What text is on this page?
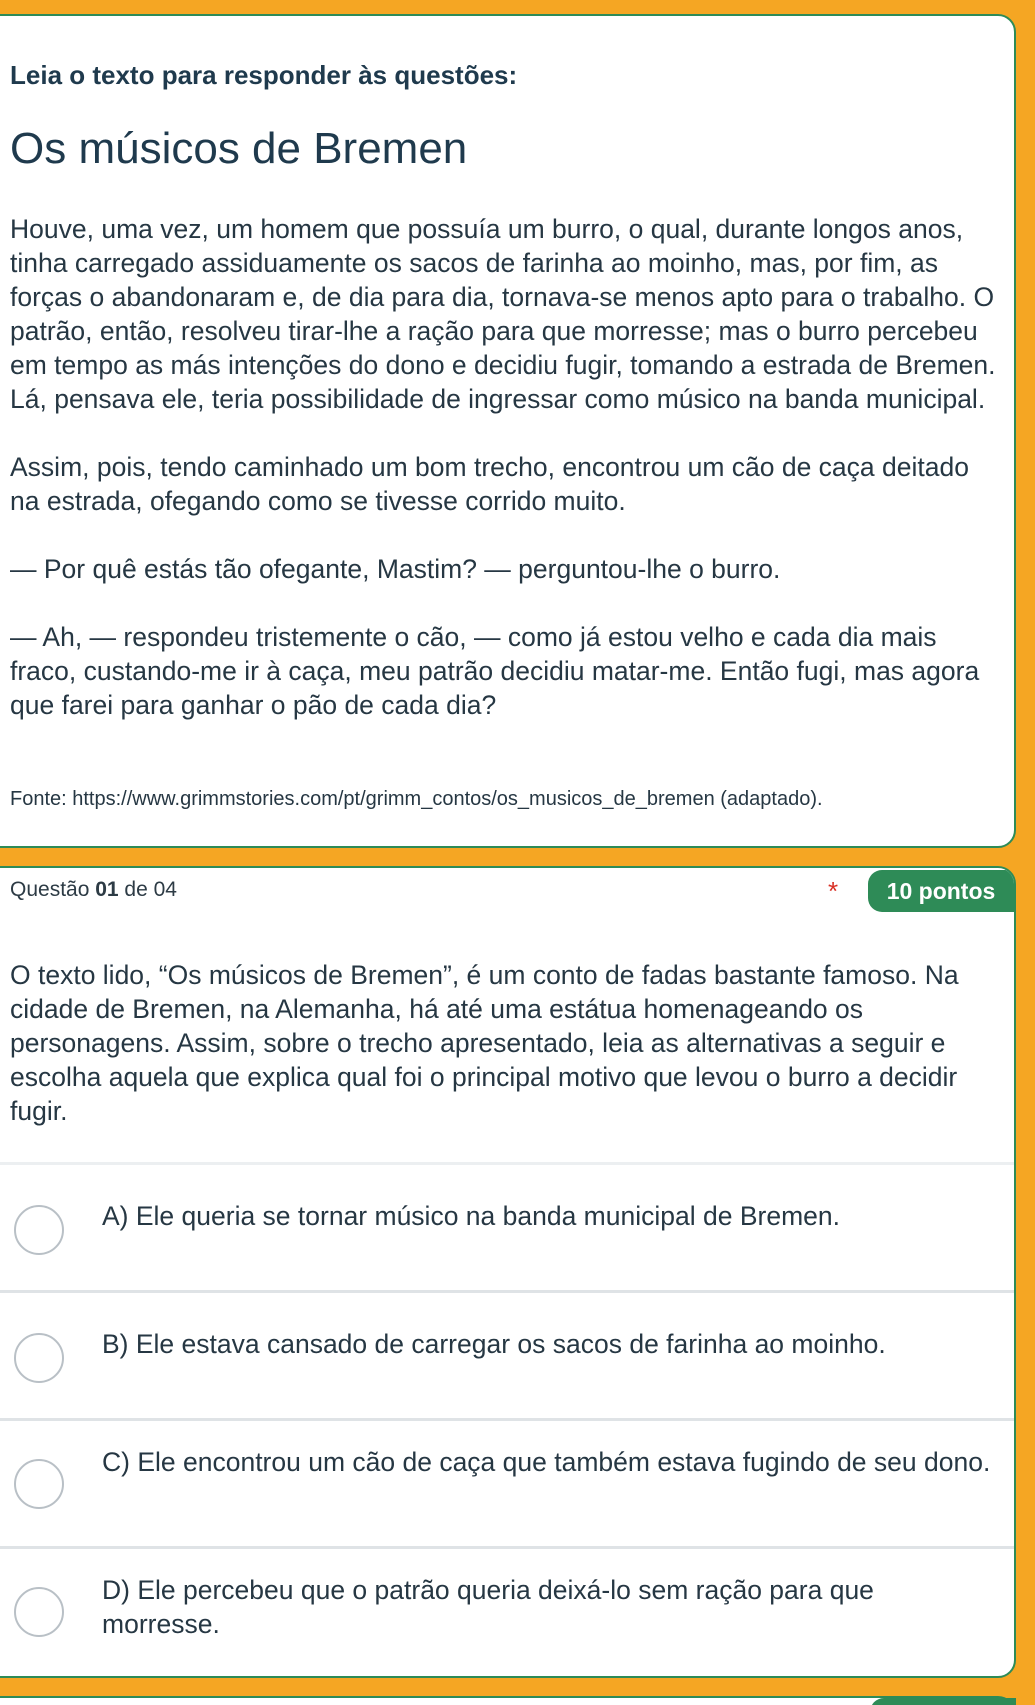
Leia o texto para responder às questões:
Os músicos de Bremen

Houve, uma vez, um homem que possuía um burro, o qual, durante longos anos, tinha carregado assiduamente os sacos de farinha ao moinho, mas, por fim, as forças o abandonaram e, de dia para dia, tornava-se menos apto para o trabalho. O patrão, então, resolveu tirar-lhe a ração para que morresse; mas o burro percebeu em tempo as más intenções do dono e decidiu fugir, tomando a estrada de Bremen. Lá, pensava ele, teria possibilidade de ingressar como músico na banda municipal.

Assim, pois, tendo caminhado um bom trecho, encontrou um cão de caça deitado na estrada, ofegando como se tivesse corrido muito.

— Por quê estás tão ofegante, Mastim? — perguntou-lhe o burro.

— Ah, — respondeu tristemente o cão, — como já estou velho e cada dia mais fraco, custando-me ir à caça, meu patrão decidiu matar-me. Então fugi, mas agora que farei para ganhar o pão de cada dia?

Fonte: https://www.grimmstories.com/pt/grimm_contos/os_musicos_de_bremen (adaptado).

Questão 01 de 04	*	10 pontos

O texto lido, “Os músicos de Bremen”, é um conto de fadas bastante famoso. Na cidade de Bremen, na Alemanha, há até uma estátua homenageando os personagens. Assim, sobre o trecho apresentado, leia as alternativas a seguir e escolha aquela que explica qual foi o principal motivo que levou o burro a decidir fugir.

A) Ele queria se tornar músico na banda municipal de Bremen.
B) Ele estava cansado de carregar os sacos de farinha ao moinho.
C) Ele encontrou um cão de caça que também estava fugindo de seu dono.
D) Ele percebeu que o patrão queria deixá-lo sem ração para que morresse.
